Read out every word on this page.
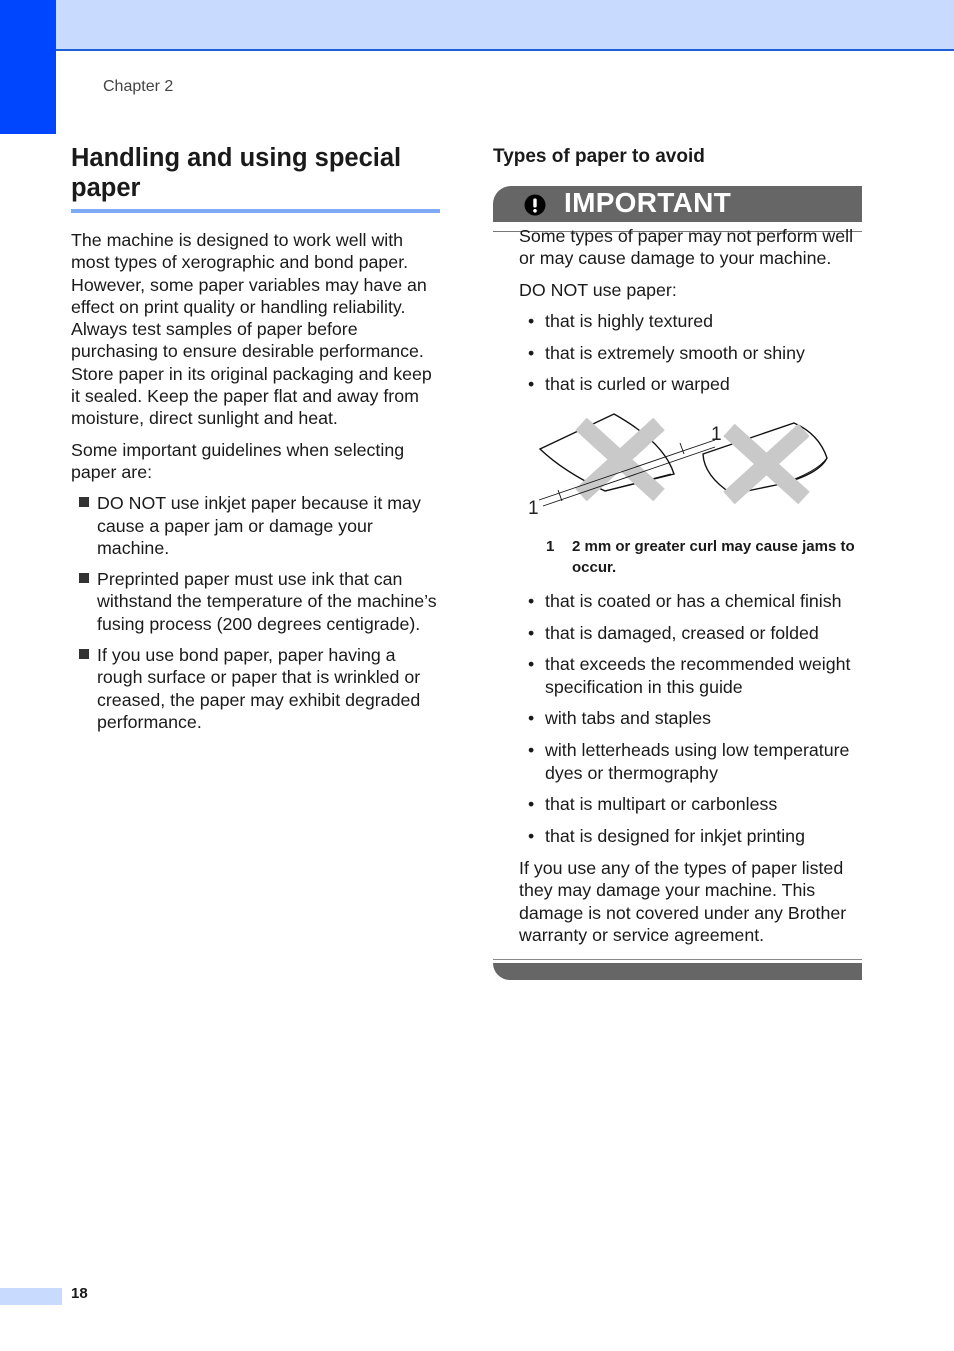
Chapter 2
Handling and using special
paper

The machine is designed to work well with most types of xerographic and bond paper. However, some paper variables may have an effect on print quality or handling reliability. Always test samples of paper before purchasing to ensure desirable performance. Store paper in its original packaging and keep it sealed. Keep the paper flat and away from moisture, direct sunlight and heat.

Some important guidelines when selecting paper are:

DO NOT use inkjet paper because it may cause a paper jam or damage your machine.
Preprinted paper must use ink that can withstand the temperature of the machine’s fusing process (200 degrees centigrade).
If you use bond paper, paper having a rough surface or paper that is wrinkled or creased, the paper may exhibit degraded performance.
Types of paper to avoid
IMPORTANT

Some types of paper may not perform well or may cause damage to your machine.

DO NOT use paper:

• that is highly textured
• that is extremely smooth or shiny
• that is curled or warped
1
1
1 2 mm or greater curl may cause jams to occur.
• that is coated or has a chemical finish
• that is damaged, creased or folded
• that exceeds the recommended weight specification in this guide
• with tabs and staples
• with letterheads using low temperature dyes or thermography
• that is multipart or carbonless
• that is designed for inkjet printing

If you use any of the types of paper listed they may damage your machine. This damage is not covered under any Brother warranty or service agreement.

18
